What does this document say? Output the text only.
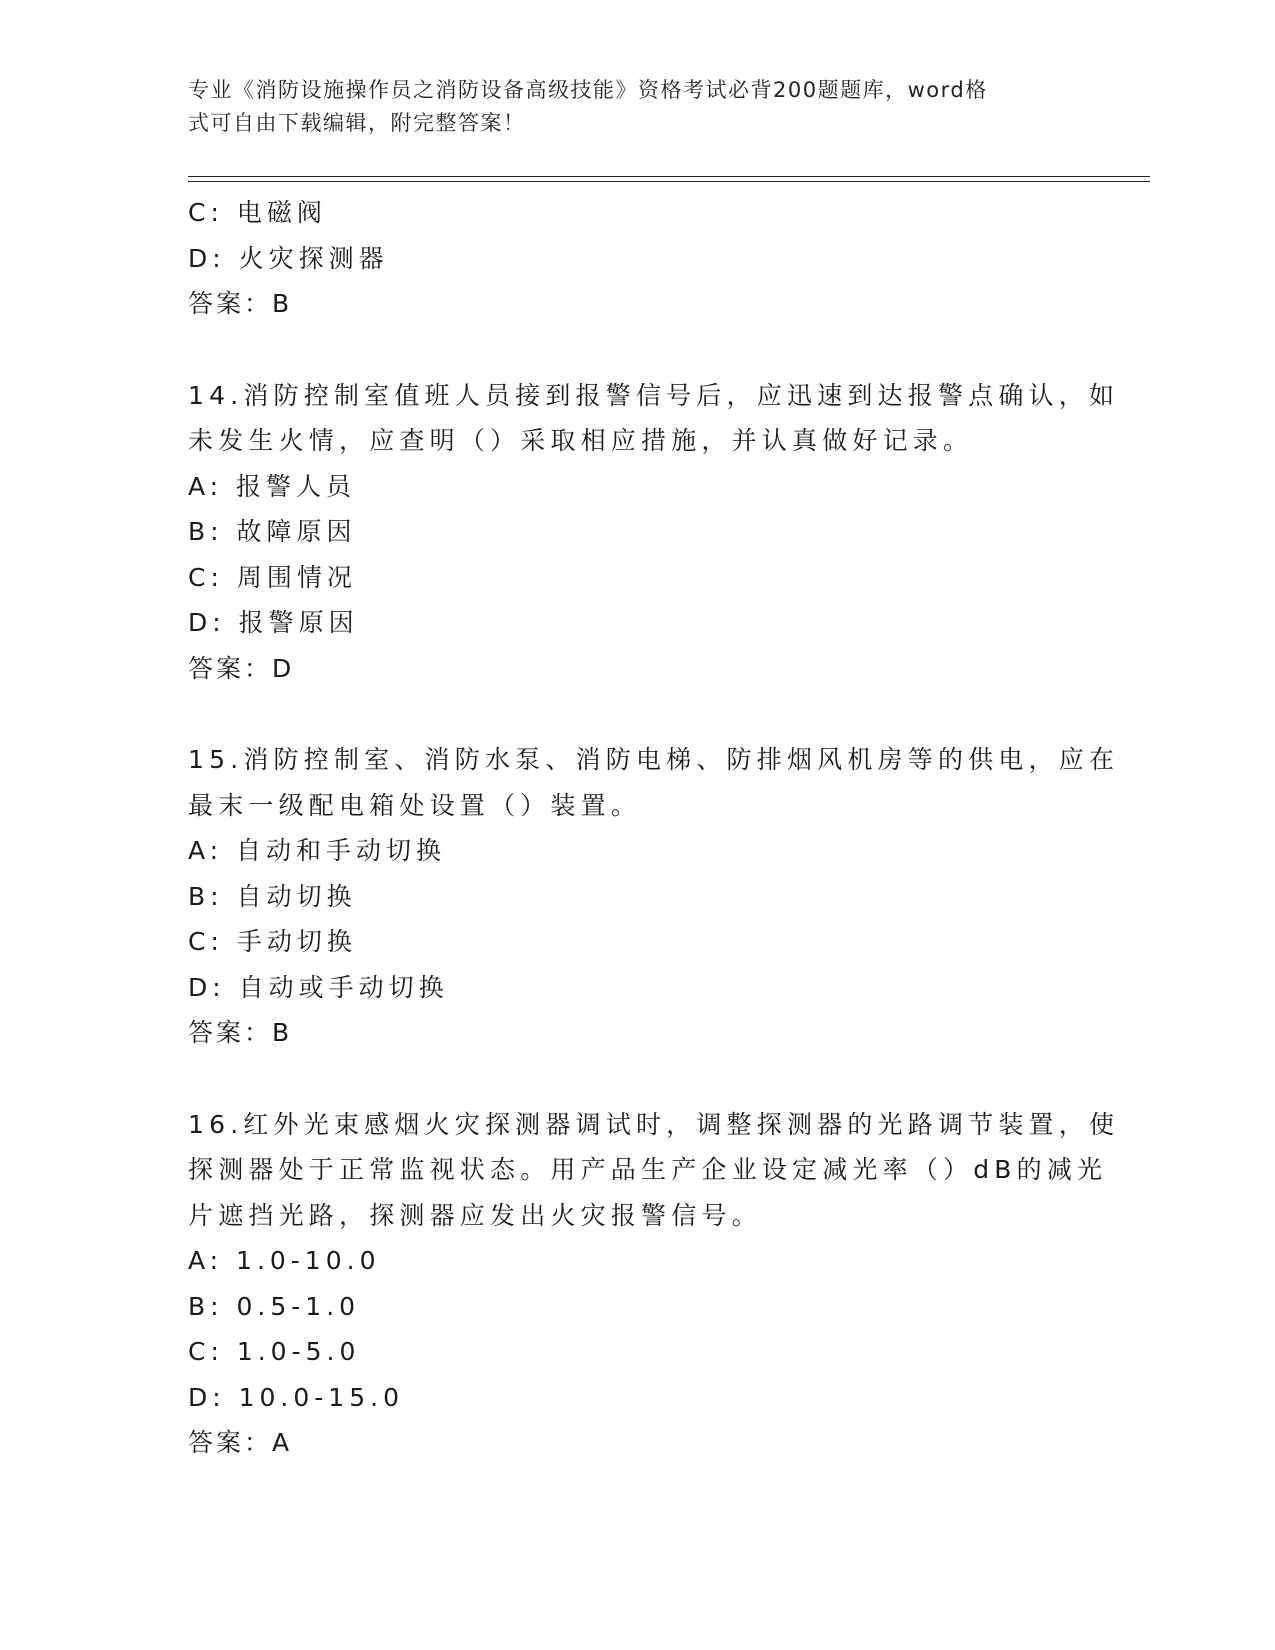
专业《消防设施操作员之消防设备高级技能》资格考试必背200题题库，word格
式可自由下载编辑，附完整答案！
C: 电磁阀
D: 火灾探测器
答案：B
14.消防控制室值班人员接到报警信号后，应迅速到达报警点确认，如
未发生火情，应查明（）采取相应措施，并认真做好记录。
A: 报警人员
B: 故障原因
C: 周围情况
D: 报警原因
答案：D
15.消防控制室、消防水泵、消防电梯、防排烟风机房等的供电，应在
最末一级配电箱处设置（）装置。
A: 自动和手动切换
B: 自动切换
C: 手动切换
D: 自动或手动切换
答案：B
16.红外光束感烟火灾探测器调试时，调整探测器的光路调节装置，使
探测器处于正常监视状态。用产品生产企业设定减光率（）dB的减光
片遮挡光路，探测器应发出火灾报警信号。
A: 1.0-10.0
B: 0.5-1.0
C: 1.0-5.0
D: 10.0-15.0
答案：A
